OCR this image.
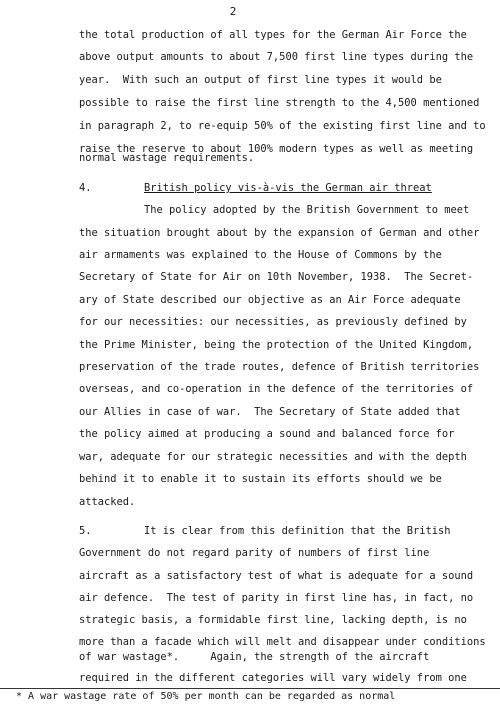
2
the total production of all types for the German Air Force the
above output amounts to about 7,500 first line types during the
year.  With such an output of first line types it would be
possible to raise the first line strength to the 4,500 mentioned
in paragraph 2, to re-equip 50% of the existing first line and to
raise the reserve to about 100% modern types as well as meeting
normal wastage requirements.
4.	British policy vis-à-vis the German air threat
The policy adopted by the British Government to meet
the situation brought about by the expansion of German and other
air armaments was explained to the House of Commons by the
Secretary of State for Air on 10th November, 1938.  The Secret-
ary of State described our objective as an Air Force adequate
for our necessities: our necessities, as previously defined by
the Prime Minister, being the protection of the United Kingdom,
preservation of the trade routes, defence of British territories
overseas, and co-operation in the defence of the territories of
our Allies in case of war.  The Secretary of State added that
the policy aimed at producing a sound and balanced force for
war, adequate for our strategic necessities and with the depth
behind it to enable it to sustain its efforts should we be
attacked.
5.	It is clear from this definition that the British
Government do not regard parity of numbers of first line
aircraft as a satisfactory test of what is adequate for a sound
air defence.  The test of parity in first line has, in fact, no
strategic basis, a formidable first line, lacking depth, is no
more than a facade which will melt and disappear under conditions
of war wastage*.     Again, the strength of the aircraft
required in the different categories will vary widely from one
* A war wastage rate of 50% per month can be regarded as normal
